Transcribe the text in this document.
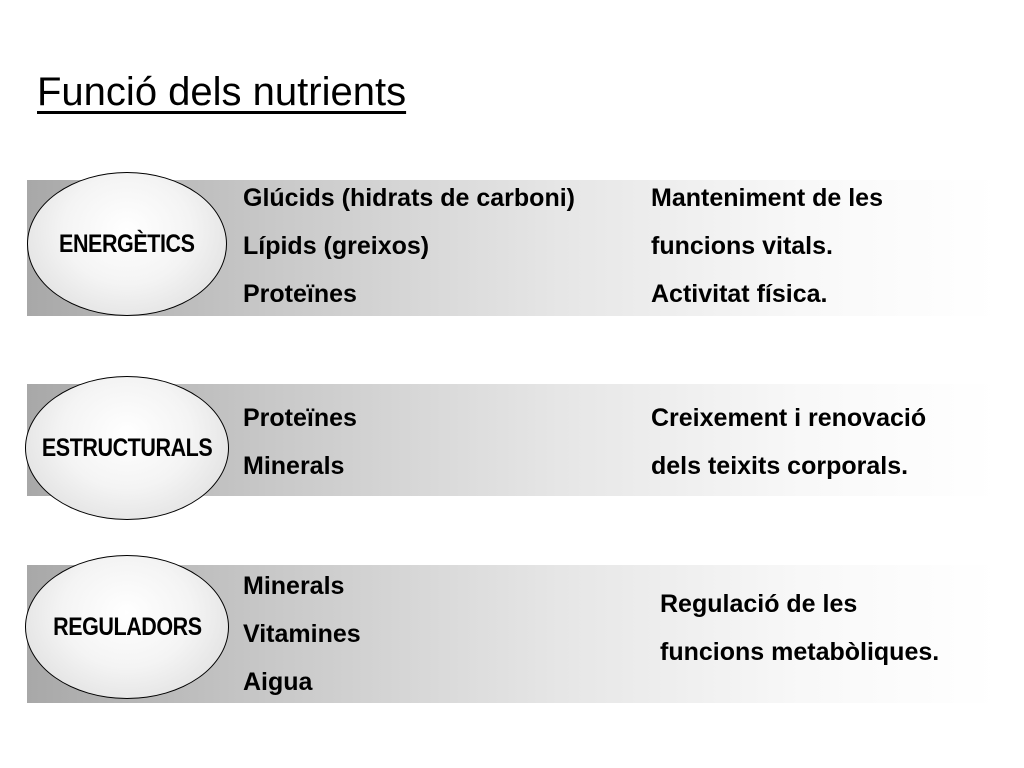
Funció dels nutrients
ENERGÈTICS
Glúcids (hidrats de carboni)
Lípids (greixos)
Proteïnes
Manteniment de les
funcions vitals.
Activitat física.
ESTRUCTURALS
Proteïnes
Minerals
Creixement i renovació
dels teixits corporals.
REGULADORS
Minerals
Vitamines
Aigua
Regulació de les
funcions metabòliques.
